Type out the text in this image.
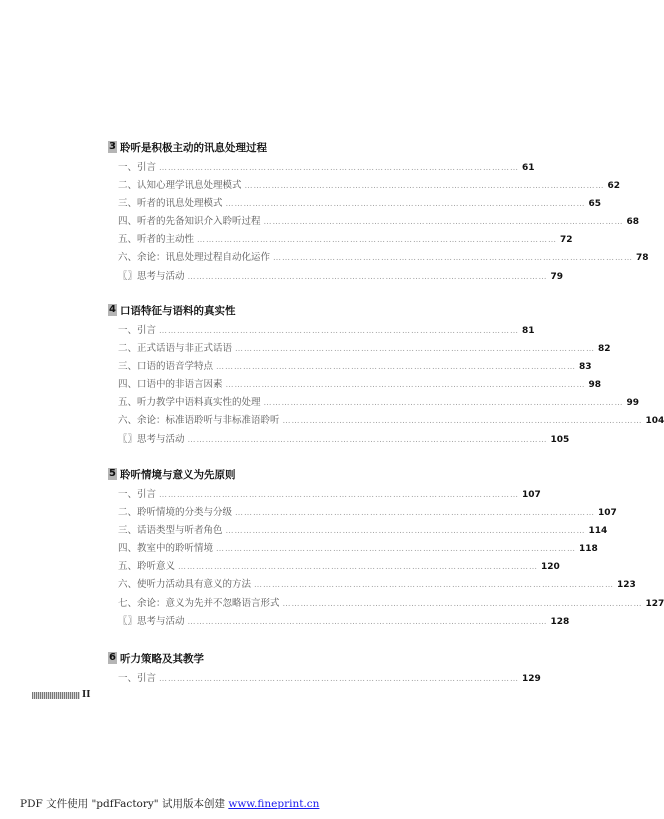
3 聆听是积极主动的讯息处理过程
一、引言 ………………………………………………………………………………………………………… 61
二、认知心理学讯息处理模式 ………………………………………………………………………………………………………… 62
三、听者的讯息处理模式 ………………………………………………………………………………………………………… 65
四、听者的先备知识介入聆听过程 ………………………………………………………………………………………………………… 68
五、听者的主动性 ………………………………………………………………………………………………………… 72
六、余论：讯息处理过程自动化运作 ………………………………………………………………………………………………………… 78
〖〗思考与活动 ………………………………………………………………………………………………………… 79
4 口语特征与语料的真实性
一、引言 ………………………………………………………………………………………………………… 81
二、正式话语与非正式话语 ………………………………………………………………………………………………………… 82
三、口语的语音学特点 ………………………………………………………………………………………………………… 83
四、口语中的非语言因素 ………………………………………………………………………………………………………… 98
五、听力教学中语料真实性的处理 ………………………………………………………………………………………………………… 99
六、余论：标准语聆听与非标准语聆听 ………………………………………………………………………………………………………… 104
〖〗思考与活动 ………………………………………………………………………………………………………… 105
5 聆听情境与意义为先原则
一、引言 ………………………………………………………………………………………………………… 107
二、聆听情境的分类与分级 ………………………………………………………………………………………………………… 107
三、话语类型与听者角色 ………………………………………………………………………………………………………… 114
四、教室中的聆听情境 ………………………………………………………………………………………………………… 118
五、聆听意义 ………………………………………………………………………………………………………… 120
六、使听力活动具有意义的方法 ………………………………………………………………………………………………………… 123
七、余论：意义为先并不忽略语言形式 ………………………………………………………………………………………………………… 127
〖〗思考与活动 ………………………………………………………………………………………………………… 128
6 听力策略及其教学
一、引言 ………………………………………………………………………………………………………… 129
II
PDF 文件使用 "pdfFactory" 试用版本创建 www.fineprint.cn
